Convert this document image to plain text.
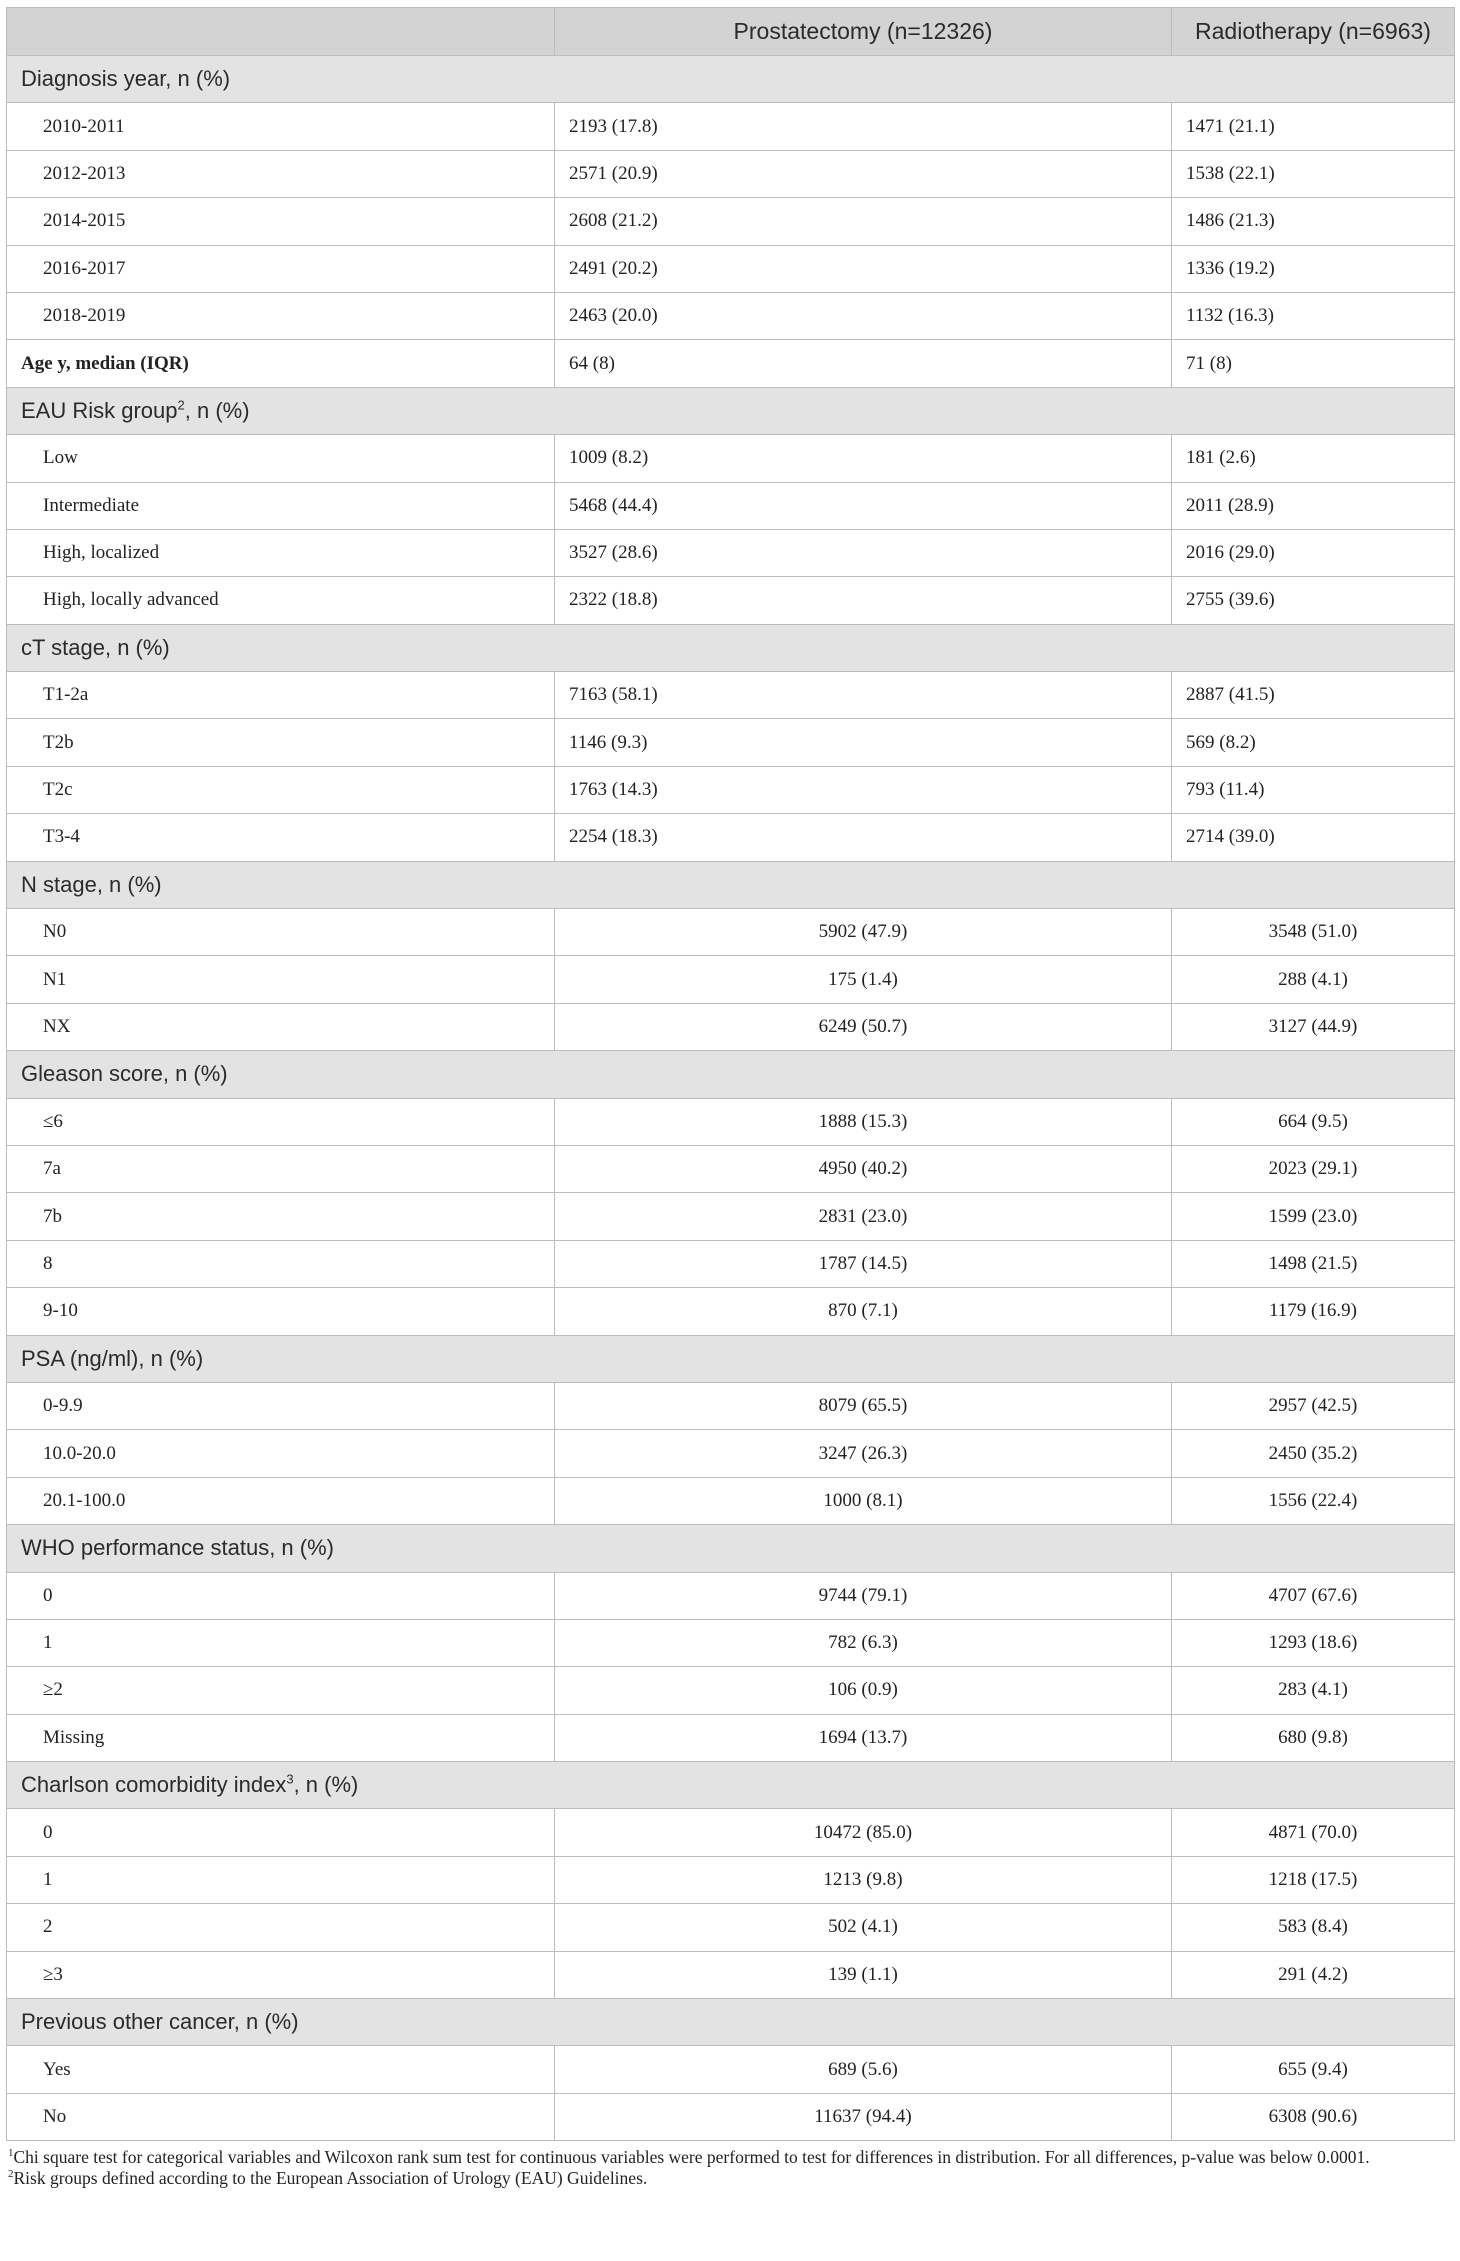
	Prostatectomy (n=12326)	Radiotherapy (n=6963)
Diagnosis year, n (%)		
2010-2011	2193 (17.8)	1471 (21.1)
2012-2013	2571 (20.9)	1538 (22.1)
2014-2015	2608 (21.2)	1486 (21.3)
2016-2017	2491 (20.2)	1336 (19.2)
2018-2019	2463 (20.0)	1132 (16.3)
Age y, median (IQR)	64 (8)	71 (8)
EAU Risk group$^2$, n (%)		
Low	1009 (8.2)	181 (2.6)
Intermediate	5468 (44.4)	2011 (28.9)
High, localized	3527 (28.6)	2016 (29.0)
High, locally advanced	2322 (18.8)	2755 (39.6)
cT stage, n (%)		
T1-2a	7163 (58.1)	2887 (41.5)
T2b	1146 (9.3)	569 (8.2)
T2c	1763 (14.3)	793 (11.4)
T3-4	2254 (18.3)	2714 (39.0)
N stage, n (%)		
N0	5902 (47.9)	3548 (51.0)
N1	175 (1.4)	288 (4.1)
NX	6249 (50.7)	3127 (44.9)
Gleason score, n (%)		
≤6	1888 (15.3)	664 (9.5)
7a	4950 (40.2)	2023 (29.1)
7b	2831 (23.0)	1599 (23.0)
8	1787 (14.5)	1498 (21.5)
9-10	870 (7.1)	1179 (16.9)
PSA (ng/ml), n (%)		
0-9.9	8079 (65.5)	2957 (42.5)
10.0-20.0	3247 (26.3)	2450 (35.2)
20.1-100.0	1000 (8.1)	1556 (22.4)
WHO performance status, n (%)		
0	9744 (79.1)	4707 (67.6)
1	782 (6.3)	1293 (18.6)
≥2	106 (0.9)	283 (4.1)
Missing	1694 (13.7)	680 (9.8)
Charlson comorbidity index$^3$, n (%)		
0	10472 (85.0)	4871 (70.0)
1	1213 (9.8)	1218 (17.5)
2	502 (4.1)	583 (8.4)
≥3	139 (1.1)	291 (4.2)
Previous other cancer, n (%)		
Yes	689 (5.6)	655 (9.4)
No	11637 (94.4)	6308 (90.6)
$^1$Chi square test for categorical variables and Wilcoxon rank sum test for continuous variables were performed to test for differences in distribution. For all differences, p-value was below 0.0001.
$^2$Risk groups defined according to the European Association of Urology (EAU) Guidelines.
